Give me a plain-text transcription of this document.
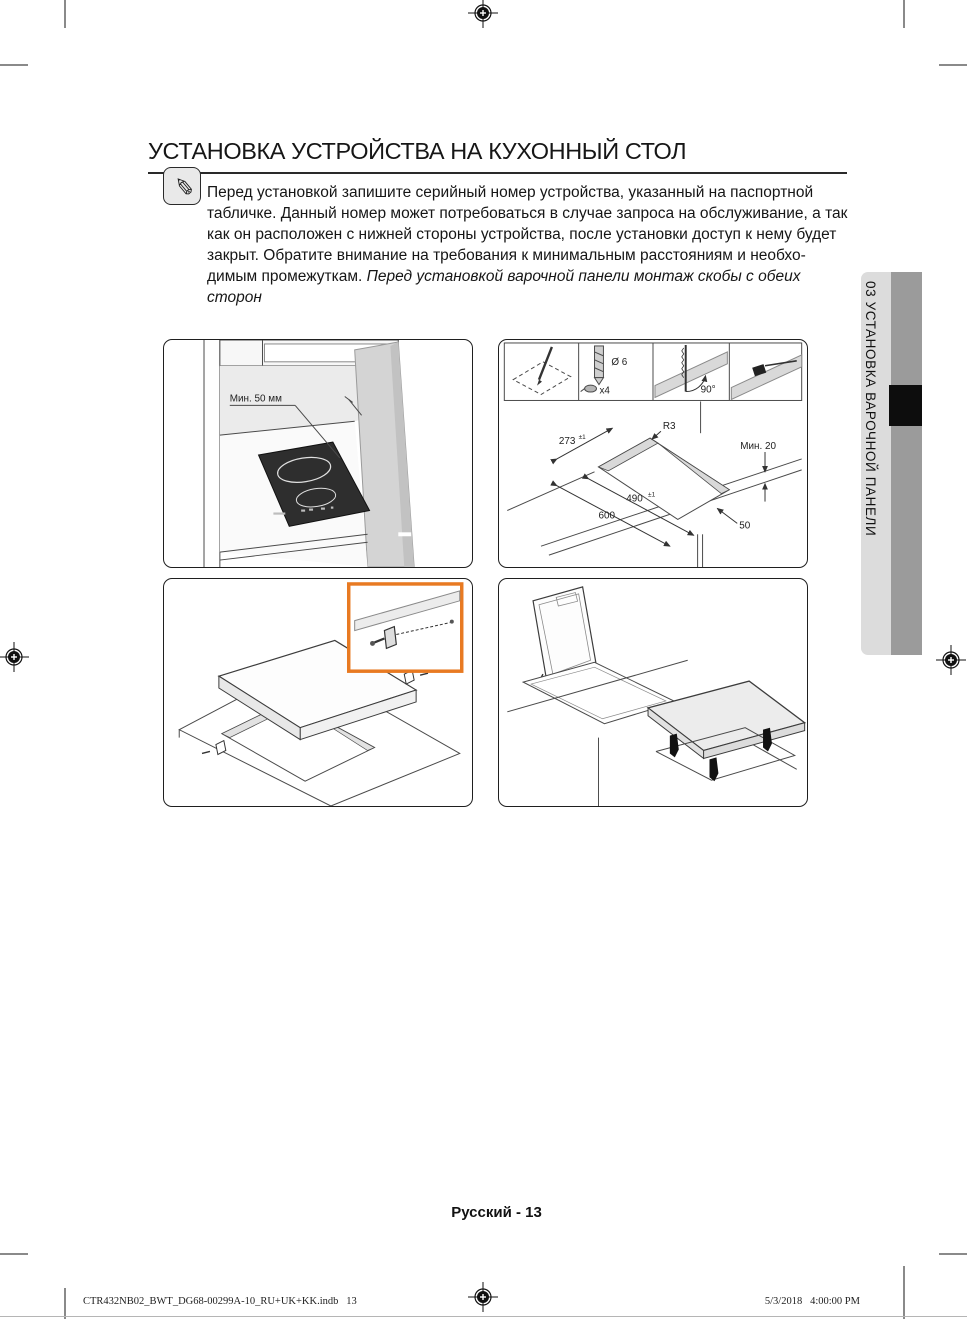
УСТАНОВКА УСТРОЙСТВА НА КУХОННЫЙ СТОЛ
✎ Перед установкой запишите серийный номер устройства, указанный на паспортной табличке. Данный номер может потребоваться в случае запроса на обслуживание, а так как он расположен с нижней стороны устройства, после установки доступ к нему будет закрыт. Обратите внимание на требования к минимальным расстояниям и необхо-димым промежуткам. Перед установкой варочной панели монтаж скобы с обеих сторон

Мин. 50 мм
Ø 6
x4	90°
R3
273 ±1
490 ±1
600
Мин. 20
50	03 УСТАНОВКА ВАРОЧНОЙ ПАНЕЛИ
Русский - 13
CTR432NB02_BWT_DG68-00299A-10_RU+UK+KK.indb   13	5/3/2018   4:00:00 PM
